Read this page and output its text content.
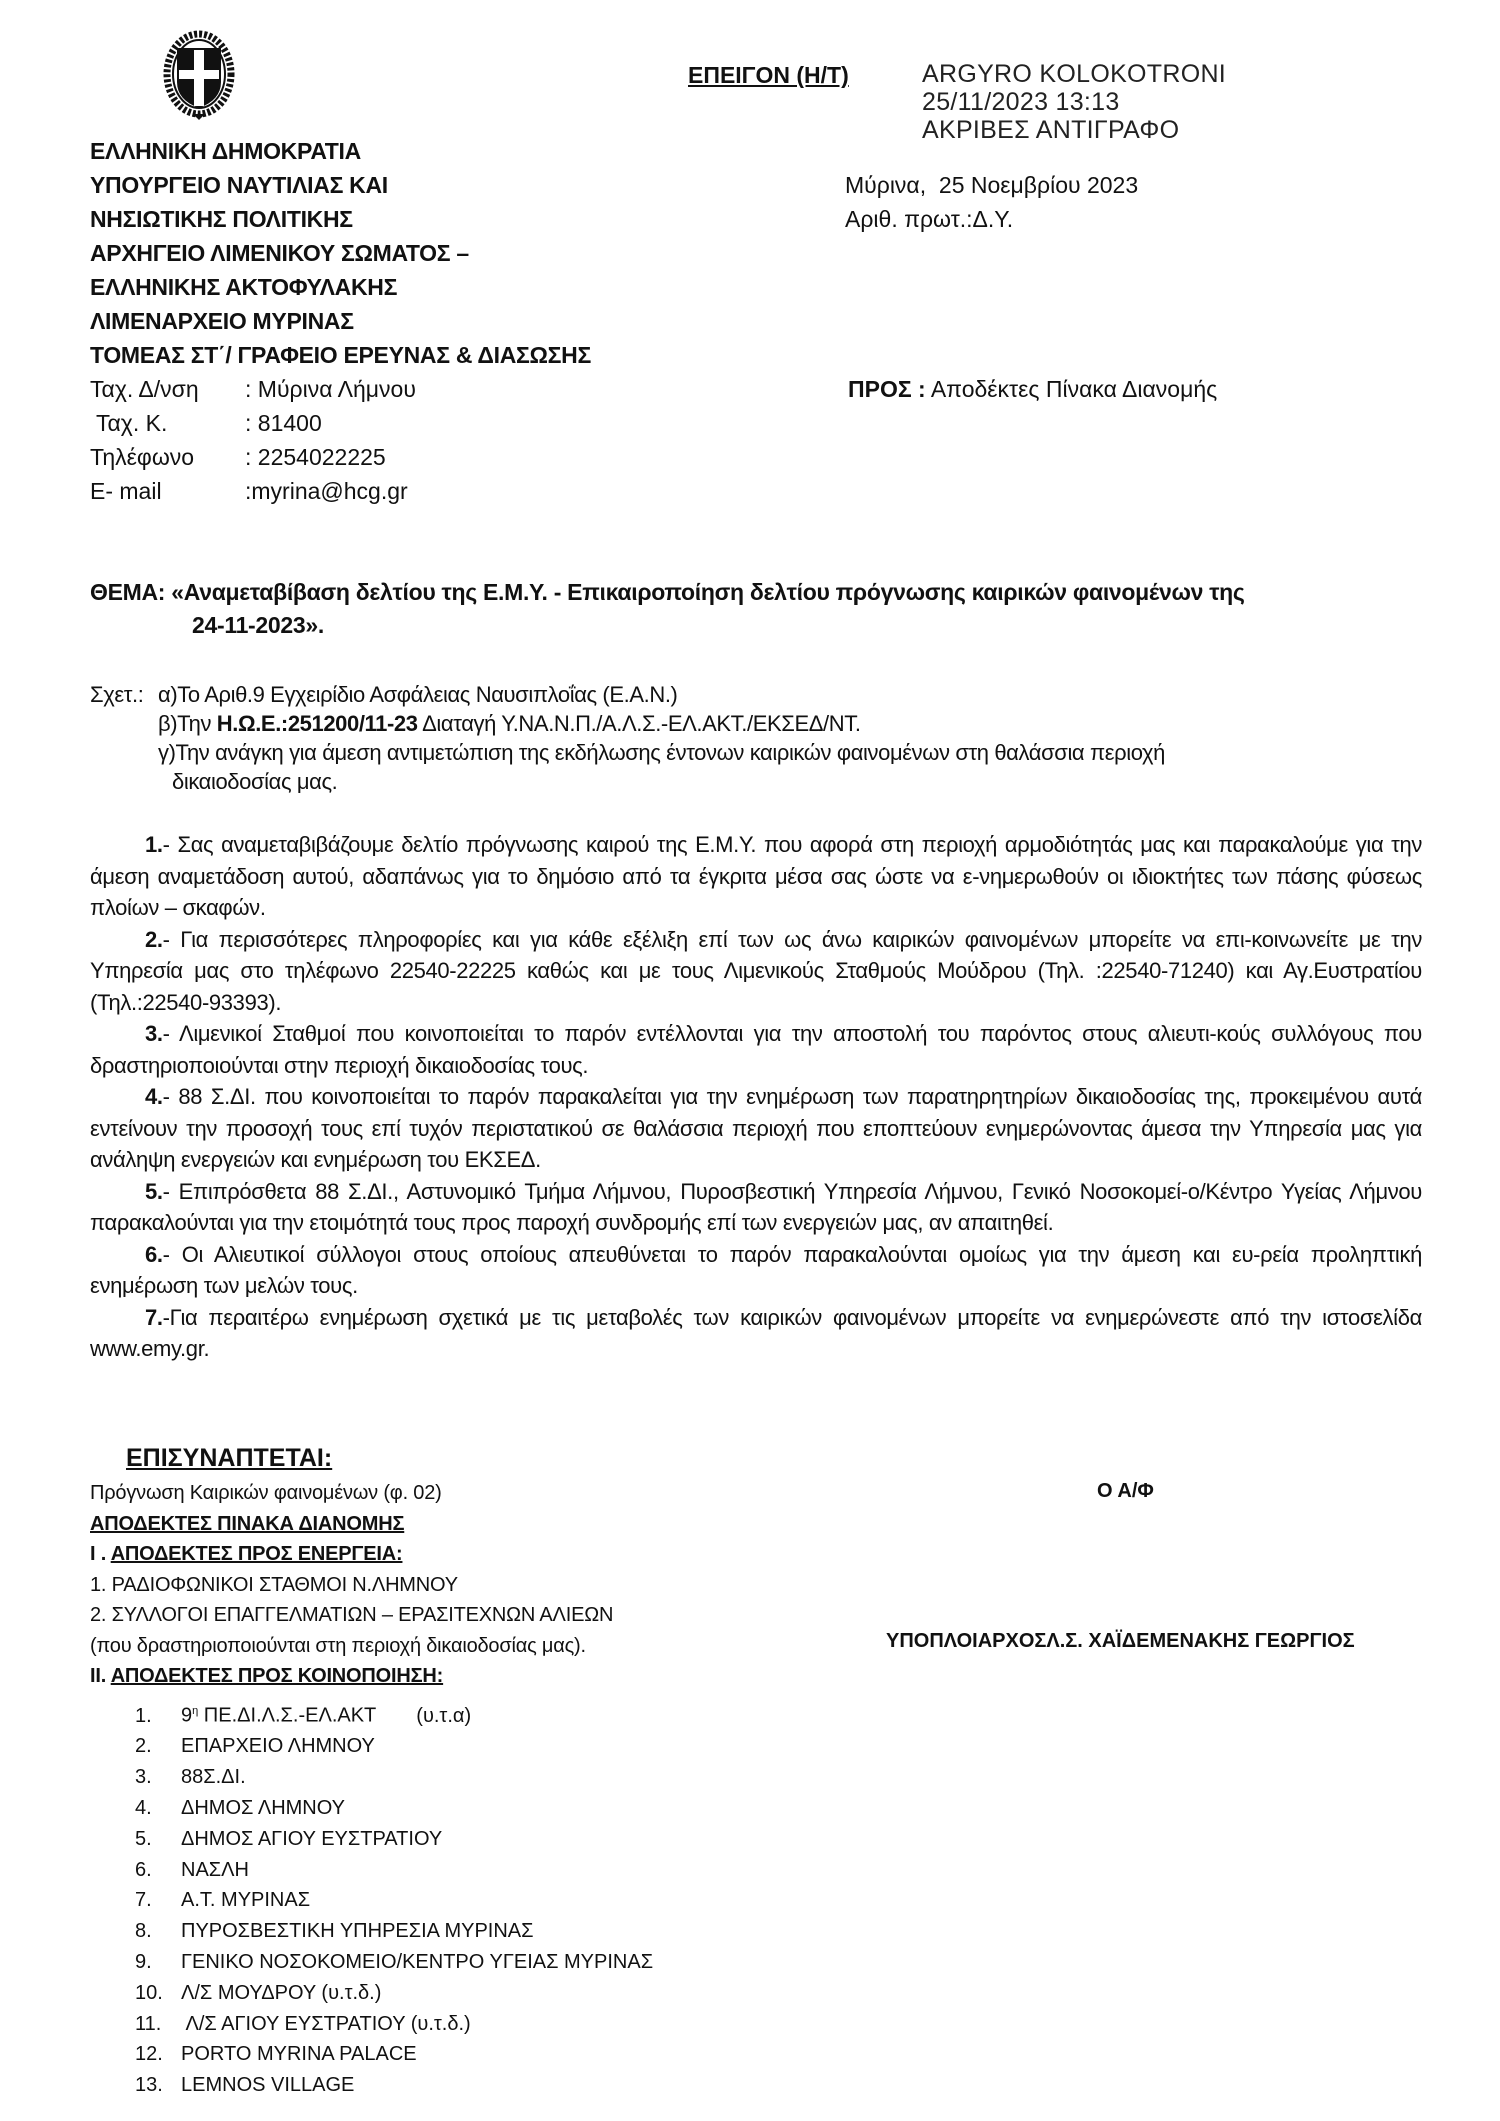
ΕΠΕΙΓΟΝ (Η/Τ)	ARGYRO KOLOKOTRONI
25/11/2023 13:13
ΑΚΡΙΒΕΣ ΑΝΤΙΓΡΑΦΟ
ΕΛΛΗΝΙΚΗ ΔΗΜΟΚΡΑΤΙΑ
ΥΠΟΥΡΓΕΙΟ ΝΑΥΤΙΛΙΑΣ ΚΑΙ
ΝΗΣΙΩΤΙΚΗΣ ΠΟΛΙΤΙΚΗΣ
ΑΡΧΗΓΕΙΟ ΛΙΜΕΝΙΚΟΥ ΣΩΜΑΤΟΣ –
ΕΛΛΗΝΙΚΗΣ ΑΚΤΟΦΥΛΑΚΗΣ
ΛΙΜΕΝΑΡΧΕΙΟ ΜΥΡΙΝΑΣ
ΤΟΜΕΑΣ ΣΤ΄/ ΓΡΑΦΕΙΟ ΕΡΕΥΝΑΣ & ΔΙΑΣΩΣΗΣ
Ταχ. Δ/νση : Μύρινα Λήμνου
Ταχ. Κ.	: 81400
Τηλέφωνο : 2254022225
E- mail	:myrina@hcg.gr
Μύρινα,  25 Νοεμβρίου 2023
Αριθ. πρωτ.:Δ.Υ.
ΠΡΟΣ : Αποδέκτες Πίνακα Διανομής
ΘΕΜΑ: «Αναμεταβίβαση δελτίου της Ε.Μ.Υ. - Επικαιροποίηση δελτίου πρόγνωσης καιρικών φαινομένων της
24-11-2023».
Σχετ.: α)Το Αριθ.9 Εγχειρίδιο Ασφάλειας Ναυσιπλοΐας (Ε.Α.Ν.)
β)Την Η.Ω.Ε.:251200/11-23 Διαταγή Υ.ΝΑ.Ν.Π./Α.Λ.Σ.-ΕΛ.ΑΚΤ./ΕΚΣΕΔ/ΝΤ.
γ)Την ανάγκη για άμεση αντιμετώπιση της εκδήλωσης έντονων καιρικών φαινομένων στη θαλάσσια περιοχή
δικαιοδοσίας μας.

1.- Σας αναμεταβιβάζουμε δελτίο πρόγνωσης καιρού της Ε.Μ.Υ. που αφορά στη περιοχή αρμοδιότητάς μας και παρακαλούμε για την άμεση αναμετάδοση αυτού, αδαπάνως για το δημόσιο από τα έγκριτα μέσα σας ώστε να ε-νημερωθούν οι ιδιοκτήτες των πάσης φύσεως πλοίων – σκαφών.

2.- Για περισσότερες πληροφορίες και για κάθε εξέλιξη επί των ως άνω καιρικών φαινομένων μπορείτε να επι-κοινωνείτε με την Υπηρεσία μας στο τηλέφωνο 22540-22225 καθώς και με τους Λιμενικούς Σταθμούς Μούδρου (Τηλ. :22540-71240) και Αγ.Ευστρατίου (Τηλ.:22540-93393).

3.- Λιμενικοί Σταθμοί που κοινοποιείται το παρόν εντέλλονται για την αποστολή του παρόντος στους αλιευτι-κούς συλλόγους που δραστηριοποιούνται στην περιοχή δικαιοδοσίας τους.

4.- 88 Σ.ΔΙ. που κοινοποιείται το παρόν παρακαλείται για την ενημέρωση των παρατηρητηρίων δικαιοδοσίας της, προκειμένου αυτά εντείνουν την προσοχή τους επί τυχόν περιστατικού σε θαλάσσια περιοχή που εποπτεύουν ενημερώνοντας άμεσα την Υπηρεσία μας για ανάληψη ενεργειών και ενημέρωση του ΕΚΣΕΔ.

5.- Επιπρόσθετα 88 Σ.ΔΙ., Αστυνομικό Τμήμα Λήμνου, Πυροσβεστική Υπηρεσία Λήμνου, Γενικό Νοσοκομεί-ο/Κέντρο Υγείας Λήμνου παρακαλούνται για την ετοιμότητά τους προς παροχή συνδρομής επί των ενεργειών μας, αν απαιτηθεί.

6.- Οι Αλιευτικοί σύλλογοι στους οποίους απευθύνεται το παρόν παρακαλούνται ομοίως για την άμεση και ευ-ρεία προληπτική ενημέρωση των μελών τους.

7.-Για περαιτέρω ενημέρωση σχετικά με τις μεταβολές των καιρικών φαινομένων μπορείτε να ενημερώνεστε από την ιστοσελίδα www.emy.gr.

ΕΠΙΣΥΝΑΠΤΕΤΑΙ:
Πρόγνωση Καιρικών φαινομένων (φ. 02)
ΑΠΟΔΕΚΤΕΣ ΠΙΝΑΚΑ ΔΙΑΝΟΜΗΣ
Ι . ΑΠΟΔΕΚΤΕΣ ΠΡΟΣ ΕΝΕΡΓΕΙΑ:
1. ΡΑΔΙΟΦΩΝΙΚΟΙ ΣΤΑΘΜΟΙ Ν.ΛΗΜΝΟΥ
2. ΣΥΛΛΟΓΟΙ ΕΠΑΓΓΕΛΜΑΤΙΩΝ – ΕΡΑΣΙΤΕΧΝΩΝ ΑΛΙΕΩΝ
(που δραστηριοποιούνται στη περιοχή δικαιοδοσίας μας).
ΙΙ. ΑΠΟΔΕΚΤΕΣ ΠΡΟΣ ΚΟΙΝΟΠΟΙΗΣΗ:
1. $9^\eta$ ΠΕ.ΔΙ.Λ.Σ.-ΕΛ.ΑΚΤ (υ.τ.α)
2. ΕΠΑΡΧΕΙΟ ΛΗΜΝΟΥ
3. 88Σ.ΔΙ.
4. ΔΗΜΟΣ ΛΗΜΝΟΥ
5. ΔΗΜΟΣ ΑΓΙΟΥ ΕΥΣΤΡΑΤΙΟΥ
6. ΝΑΣΛΗ
7. Α.Τ. ΜΥΡΙΝΑΣ
8. ΠΥΡΟΣΒΕΣΤΙΚΗ ΥΠΗΡΕΣΙΑ ΜΥΡΙΝΑΣ
9. ΓΕΝΙΚΟ ΝΟΣΟΚΟΜΕΙΟ/ΚΕΝΤΡΟ ΥΓΕΙΑΣ ΜΥΡΙΝΑΣ
10. Λ/Σ ΜΟΥΔΡΟΥ (υ.τ.δ.)
11. Λ/Σ ΑΓΙΟΥ ΕΥΣΤΡΑΤΙΟΥ (υ.τ.δ.)
12. PORTO MYRINA PALACE
13. LEMNOS VILLAGE
Ο Α/Φ
ΥΠΟΠΛΟΙΑΡΧΟΣΛ.Σ. ΧΑΪΔΕΜΕΝΑΚΗΣ ΓΕΩΡΓΙΟΣ
